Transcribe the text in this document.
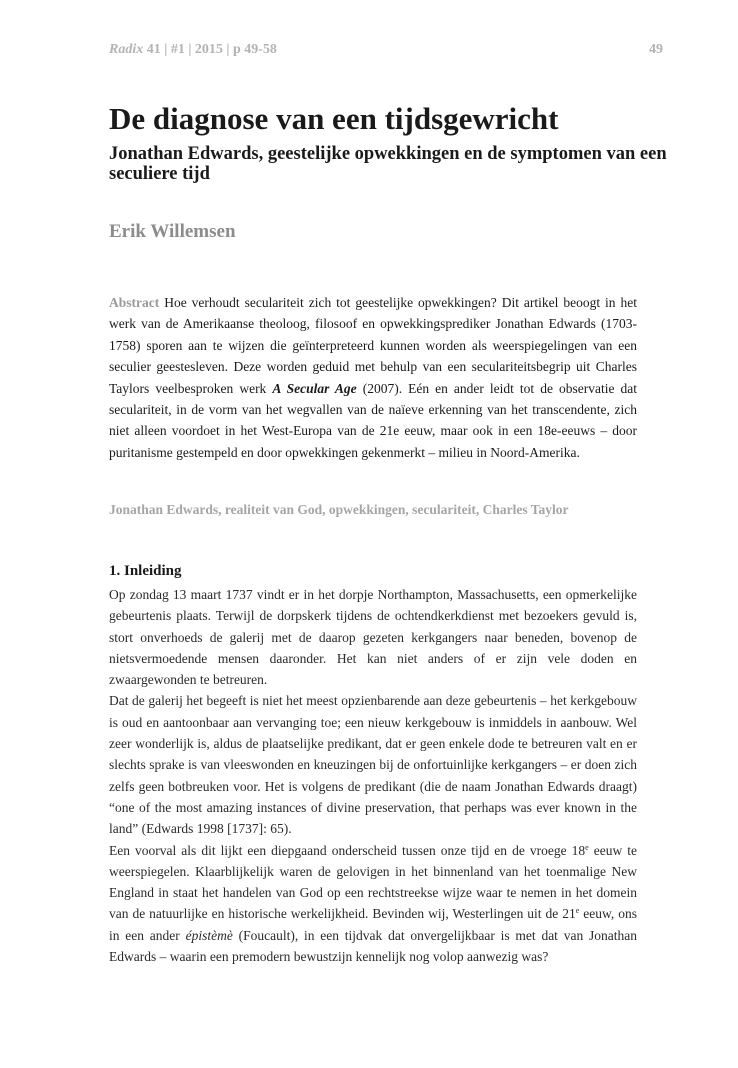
Radix 41 | #1 | 2015 | p 49-58	49
De diagnose van een tijdsgewricht
Jonathan Edwards, geestelijke opwekkingen en de symptomen van een seculiere tijd
Erik Willemsen
Abstract Hoe verhoudt seculariteit zich tot geestelijke opwekkingen? Dit artikel beoogt in het werk van de Amerikaanse theoloog, filosoof en opwekkingsprediker Jonathan Edwards (1703-1758) sporen aan te wijzen die geïnterpreteerd kunnen worden als weerspiegelingen van een seculier geestesleven. Deze worden geduid met behulp van een seculariteitsbegrip uit Charles Taylors veelbesproken werk A Secular Age (2007). Eén en ander leidt tot de observatie dat seculariteit, in de vorm van het wegvallen van de naïeve erkenning van het transcendente, zich niet alleen voordoet in het West-Europa van de 21e eeuw, maar ook in een 18e-eeuws – door puritanisme gestempeld en door opwekkingen gekenmerkt – milieu in Noord-Amerika.
Jonathan Edwards, realiteit van God, opwekkingen, seculariteit, Charles Taylor
1. Inleiding

Op zondag 13 maart 1737 vindt er in het dorpje Northampton, Massachusetts, een opmerkelijke gebeurtenis plaats. Terwijl de dorpskerk tijdens de ochtendkerkdienst met bezoekers gevuld is, stort onverhoeds de galerij met de daarop gezeten kerkgangers naar beneden, bovenop de nietsvermoedende mensen daaronder. Het kan niet anders of er zijn vele doden en zwaargewonden te betreuren.

Dat de galerij het begeeft is niet het meest opzienbarende aan deze gebeurtenis – het kerkgebouw is oud en aantoonbaar aan vervanging toe; een nieuw kerkgebouw is inmiddels in aanbouw. Wel zeer wonderlijk is, aldus de plaatselijke predikant, dat er geen enkele dode te betreuren valt en er slechts sprake is van vleeswonden en kneuzingen bij de onfortuinlijke kerkgangers – er doen zich zelfs geen botbreuken voor. Het is volgens de predikant (die de naam Jonathan Edwards draagt) “one of the most amazing instances of divine preservation, that perhaps was ever known in the land” (Edwards 1998 [1737]: 65).

Een voorval als dit lijkt een diepgaand onderscheid tussen onze tijd en de vroege 18e eeuw te weerspiegelen. Klaarblijkelijk waren de gelovigen in het binnenland van het toenmalige New England in staat het handelen van God op een rechtstreekse wijze waar te nemen in het domein van de natuurlijke en historische werkelijkheid. Bevinden wij, Westerlingen uit de 21e eeuw, ons in een ander épistèmè (Foucault), in een tijdvak dat onvergelijkbaar is met dat van Jonathan Edwards – waarin een premodern bewustzijn kennelijk nog volop aanwezig was?
